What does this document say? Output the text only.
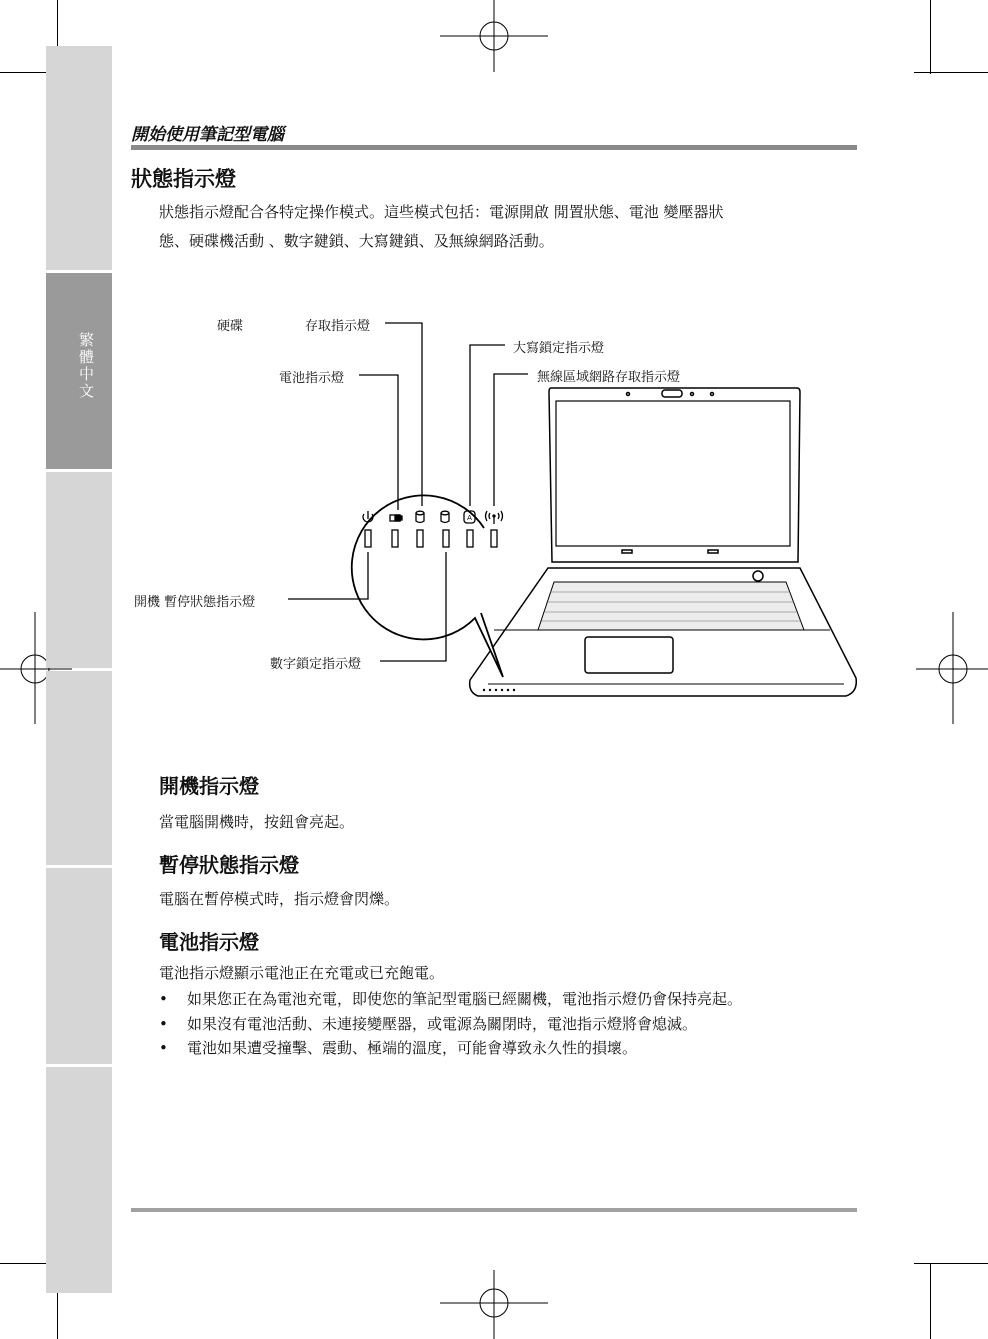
繁體中文
開始使用筆記型電腦
狀態指示燈
狀態指示燈配合各特定操作模式。這些模式包括：電源開啟 閒置狀態、電池 變壓器狀
態、硬碟機活動 、數字鍵鎖、大寫鍵鎖、及無線網路活動。
A
硬碟	存取指示燈
電池指示燈
大寫鎖定指示燈
無線區域網路存取指示燈
開機 暫停狀態指示燈
數字鎖定指示燈
開機指示燈
當電腦開機時，按鈕會亮起。
暫停狀態指示燈
電腦在暫停模式時，指示燈會閃爍。
電池指示燈
電池指示燈顯示電池正在充電或已充飽電。
• 如果您正在為電池充電，即使您的筆記型電腦已經關機，電池指示燈仍會保持亮起。
• 如果沒有電池活動、未連接變壓器，或電源為關閉時，電池指示燈將會熄滅。
• 電池如果遭受撞擊、震動、極端的溫度，可能會導致永久性的損壞。
